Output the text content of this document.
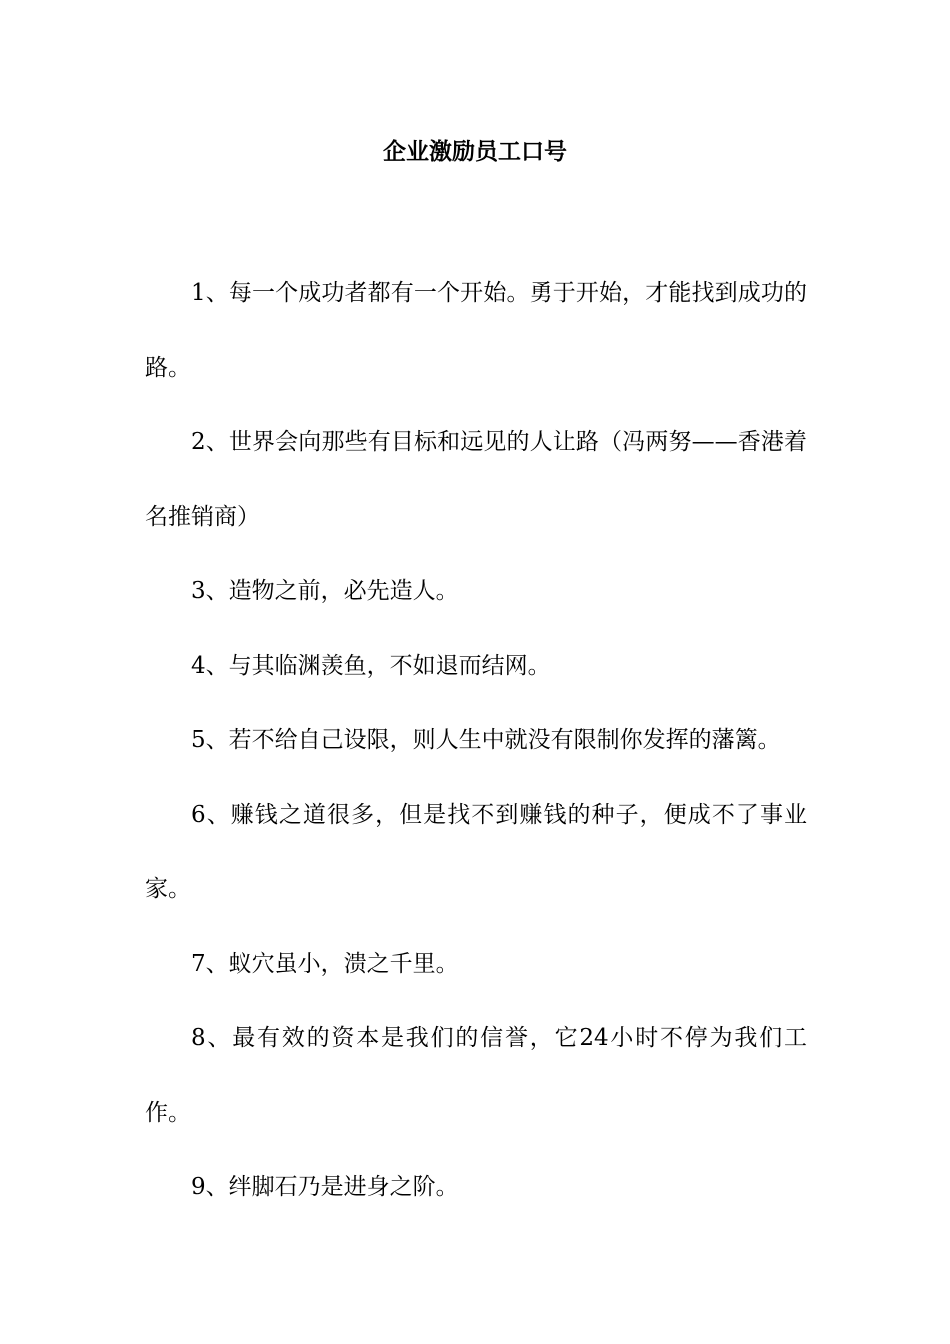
企业激励员工口号

1、每一个成功者都有一个开始。勇于开始，才能找到成功的路。

2、世界会向那些有目标和远见的人让路（冯两努——香港着名推销商）

3、造物之前，必先造人。

4、与其临渊羡鱼，不如退而结网。

5、若不给自己设限，则人生中就没有限制你发挥的藩篱。

6、赚钱之道很多，但是找不到赚钱的种子，便成不了事业家。

7、蚁穴虽小，溃之千里。

8、最有效的资本是我们的信誉，它24小时不停为我们工作。

9、绊脚石乃是进身之阶。
